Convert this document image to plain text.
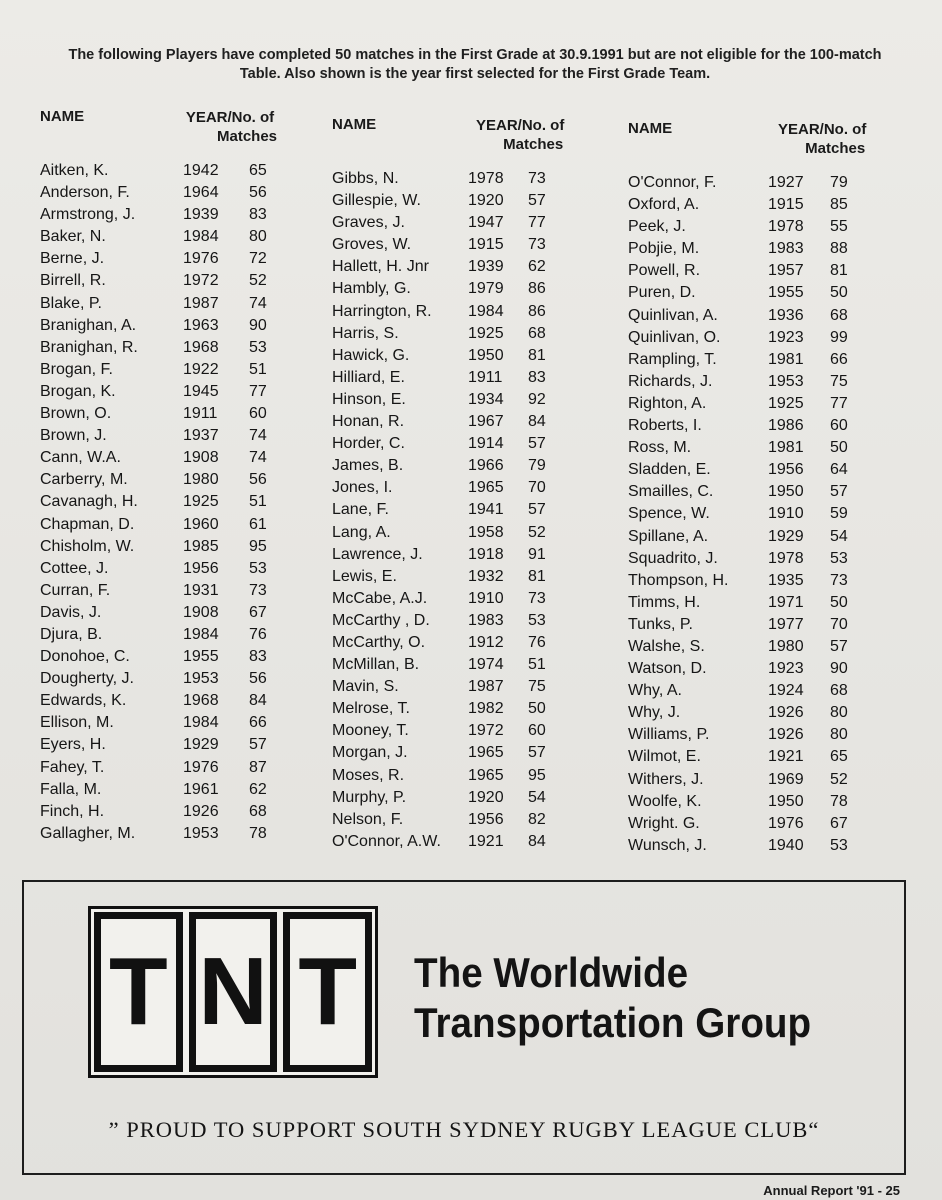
The following Players have completed 50 matches in the First Grade at 30.9.1991 but are not eligible for the 100-match Table. Also shown is the year first selected for the First Grade Team.
NAME	YEAR/No. of
Matches
Aitken, K.	1942 65
Anderson, F.	1964 56
Armstrong, J.	1939 83
Baker, N.	1984 80
Berne, J.	1976 72
Birrell, R.	1972 52
Blake, P.	1987 74
Branighan, A.	1963 90
Branighan, R.	1968 53
Brogan, F.	1922 51
Brogan, K.	1945 77
Brown, O.	1911 60
Brown, J.	1937 74
Cann, W.A.	1908 74
Carberry, M.	1980 56
Cavanagh, H.	1925 51
Chapman, D.	1960 61
Chisholm, W.	1985 95
Cottee, J.	1956 53
Curran, F.	1931 73
Davis, J.	1908 67
Djura, B.	1984 76
Donohoe, C.	1955 83
Dougherty, J.	1953 56
Edwards, K.	1968 84
Ellison, M.	1984 66
Eyers, H.	1929 57
Fahey, T.	1976 87
Falla, M.	1961 62
Finch, H.	1926 68
Gallagher, M.	1953 78
NAME	YEAR/No. of
Matches
Gibbs, N.	1978 73
Gillespie, W.	1920 57
Graves, J.	1947 77
Groves, W.	1915 73
Hallett, H. Jnr 1939 62
Hambly, G.	1979 86
Harrington, R. 1984 86
Harris, S.	1925 68
Hawick, G.	1950 81
Hilliard, E.	1911 83
Hinson, E.	1934 92
Honan, R.	1967 84
Horder, C.	1914 57
James, B.	1966 79
Jones, I.	1965 70
Lane, F.	1941 57
Lang, A.	1958 52
Lawrence, J.	1918 91
Lewis, E.	1932 81
McCabe, A.J.	1910 73
McCarthy , D. 1983 53
McCarthy, O.	1912 76
McMillan, B.	1974 51
Mavin, S.	1987 75
Melrose, T.	1982 50
Mooney, T.	1972 60
Morgan, J.	1965 57
Moses, R.	1965 95
Murphy, P.	1920 54
Nelson, F.	1956 82
O'Connor, A.W. 1921 84
NAME	YEAR/No. of
Matches
O'Connor, F.	1927 79
Oxford, A.	1915 85
Peek, J.	1978 55
Pobjie, M.	1983 88
Powell, R.	1957 81
Puren, D.	1955 50
Quinlivan, A.	1936 68
Quinlivan, O.	1923 99
Rampling, T.	1981 66
Richards, J.	1953 75
Righton, A.	1925 77
Roberts, I.	1986 60
Ross, M.	1981 50
Sladden, E.	1956 64
Smailles, C.	1950 57
Spence, W.	1910 59
Spillane, A.	1929 54
Squadrito, J.	1978 53
Thompson, H. 1935 73
Timms, H.	1971 50
Tunks, P.	1977 70
Walshe, S.	1980 57
Watson, D.	1923 90
Why, A.	1924 68
Why, J.	1926 80
Williams, P.	1926 80
Wilmot, E.	1921 65
Withers, J.	1969 52
Woolfe, K.	1950 78
Wright. G.	1976 67
Wunsch, J.	1940 53
T N T	The Worldwide
Transportation Group
” PROUD TO SUPPORT SOUTH SYDNEY RUGBY LEAGUE CLUB“
Annual Report '91 - 25
